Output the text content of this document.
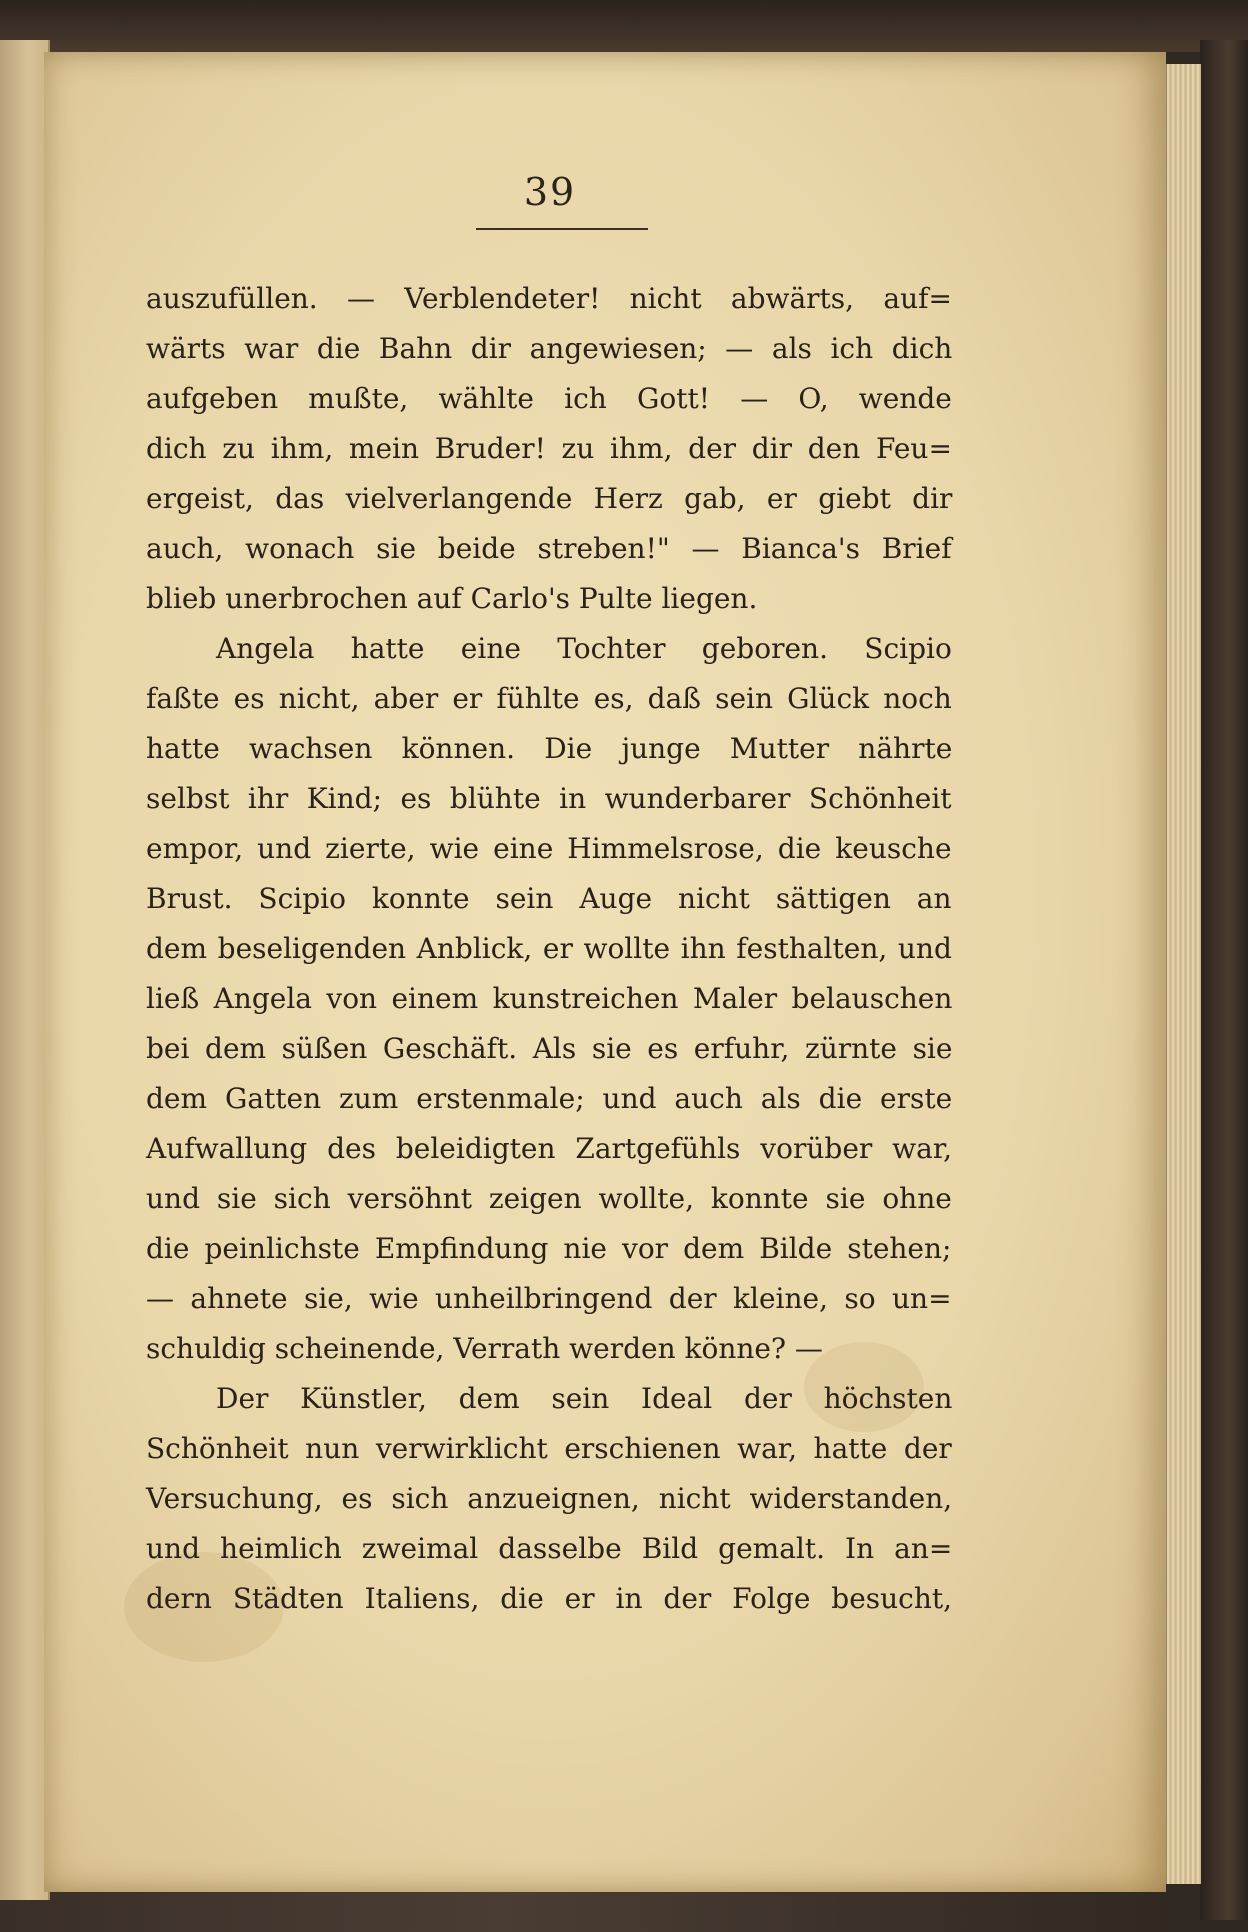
39
auszufüllen. — Verblendeter! nicht abwärts, auf=
wärts war die Bahn dir angewiesen; — als ich dich
aufgeben mußte, wählte ich Gott! — O, wende
dich zu ihm, mein Bruder! zu ihm, der dir den Feu=
ergeist, das vielverlangende Herz gab, er giebt dir
auch, wonach sie beide streben!" — Bianca's Brief
blieb unerbrochen auf Carlo's Pulte liegen.
Angela hatte eine Tochter geboren. Scipio
faßte es nicht, aber er fühlte es, daß sein Glück noch
hatte wachsen können. Die junge Mutter nährte
selbst ihr Kind; es blühte in wunderbarer Schönheit
empor, und zierte, wie eine Himmelsrose, die keusche
Brust. Scipio konnte sein Auge nicht sättigen an
dem beseligenden Anblick, er wollte ihn festhalten, und
ließ Angela von einem kunstreichen Maler belauschen
bei dem süßen Geschäft. Als sie es erfuhr, zürnte sie
dem Gatten zum erstenmale; und auch als die erste
Aufwallung des beleidigten Zartgefühls vorüber war,
und sie sich versöhnt zeigen wollte, konnte sie ohne
die peinlichste Empfindung nie vor dem Bilde stehen;
— ahnete sie, wie unheilbringend der kleine, so un=
schuldig scheinende, Verrath werden könne? —
Der Künstler, dem sein Ideal der höchsten
Schönheit nun verwirklicht erschienen war, hatte der
Versuchung, es sich anzueignen, nicht widerstanden,
und heimlich zweimal dasselbe Bild gemalt. In an=
dern Städten Italiens, die er in der Folge besucht,
